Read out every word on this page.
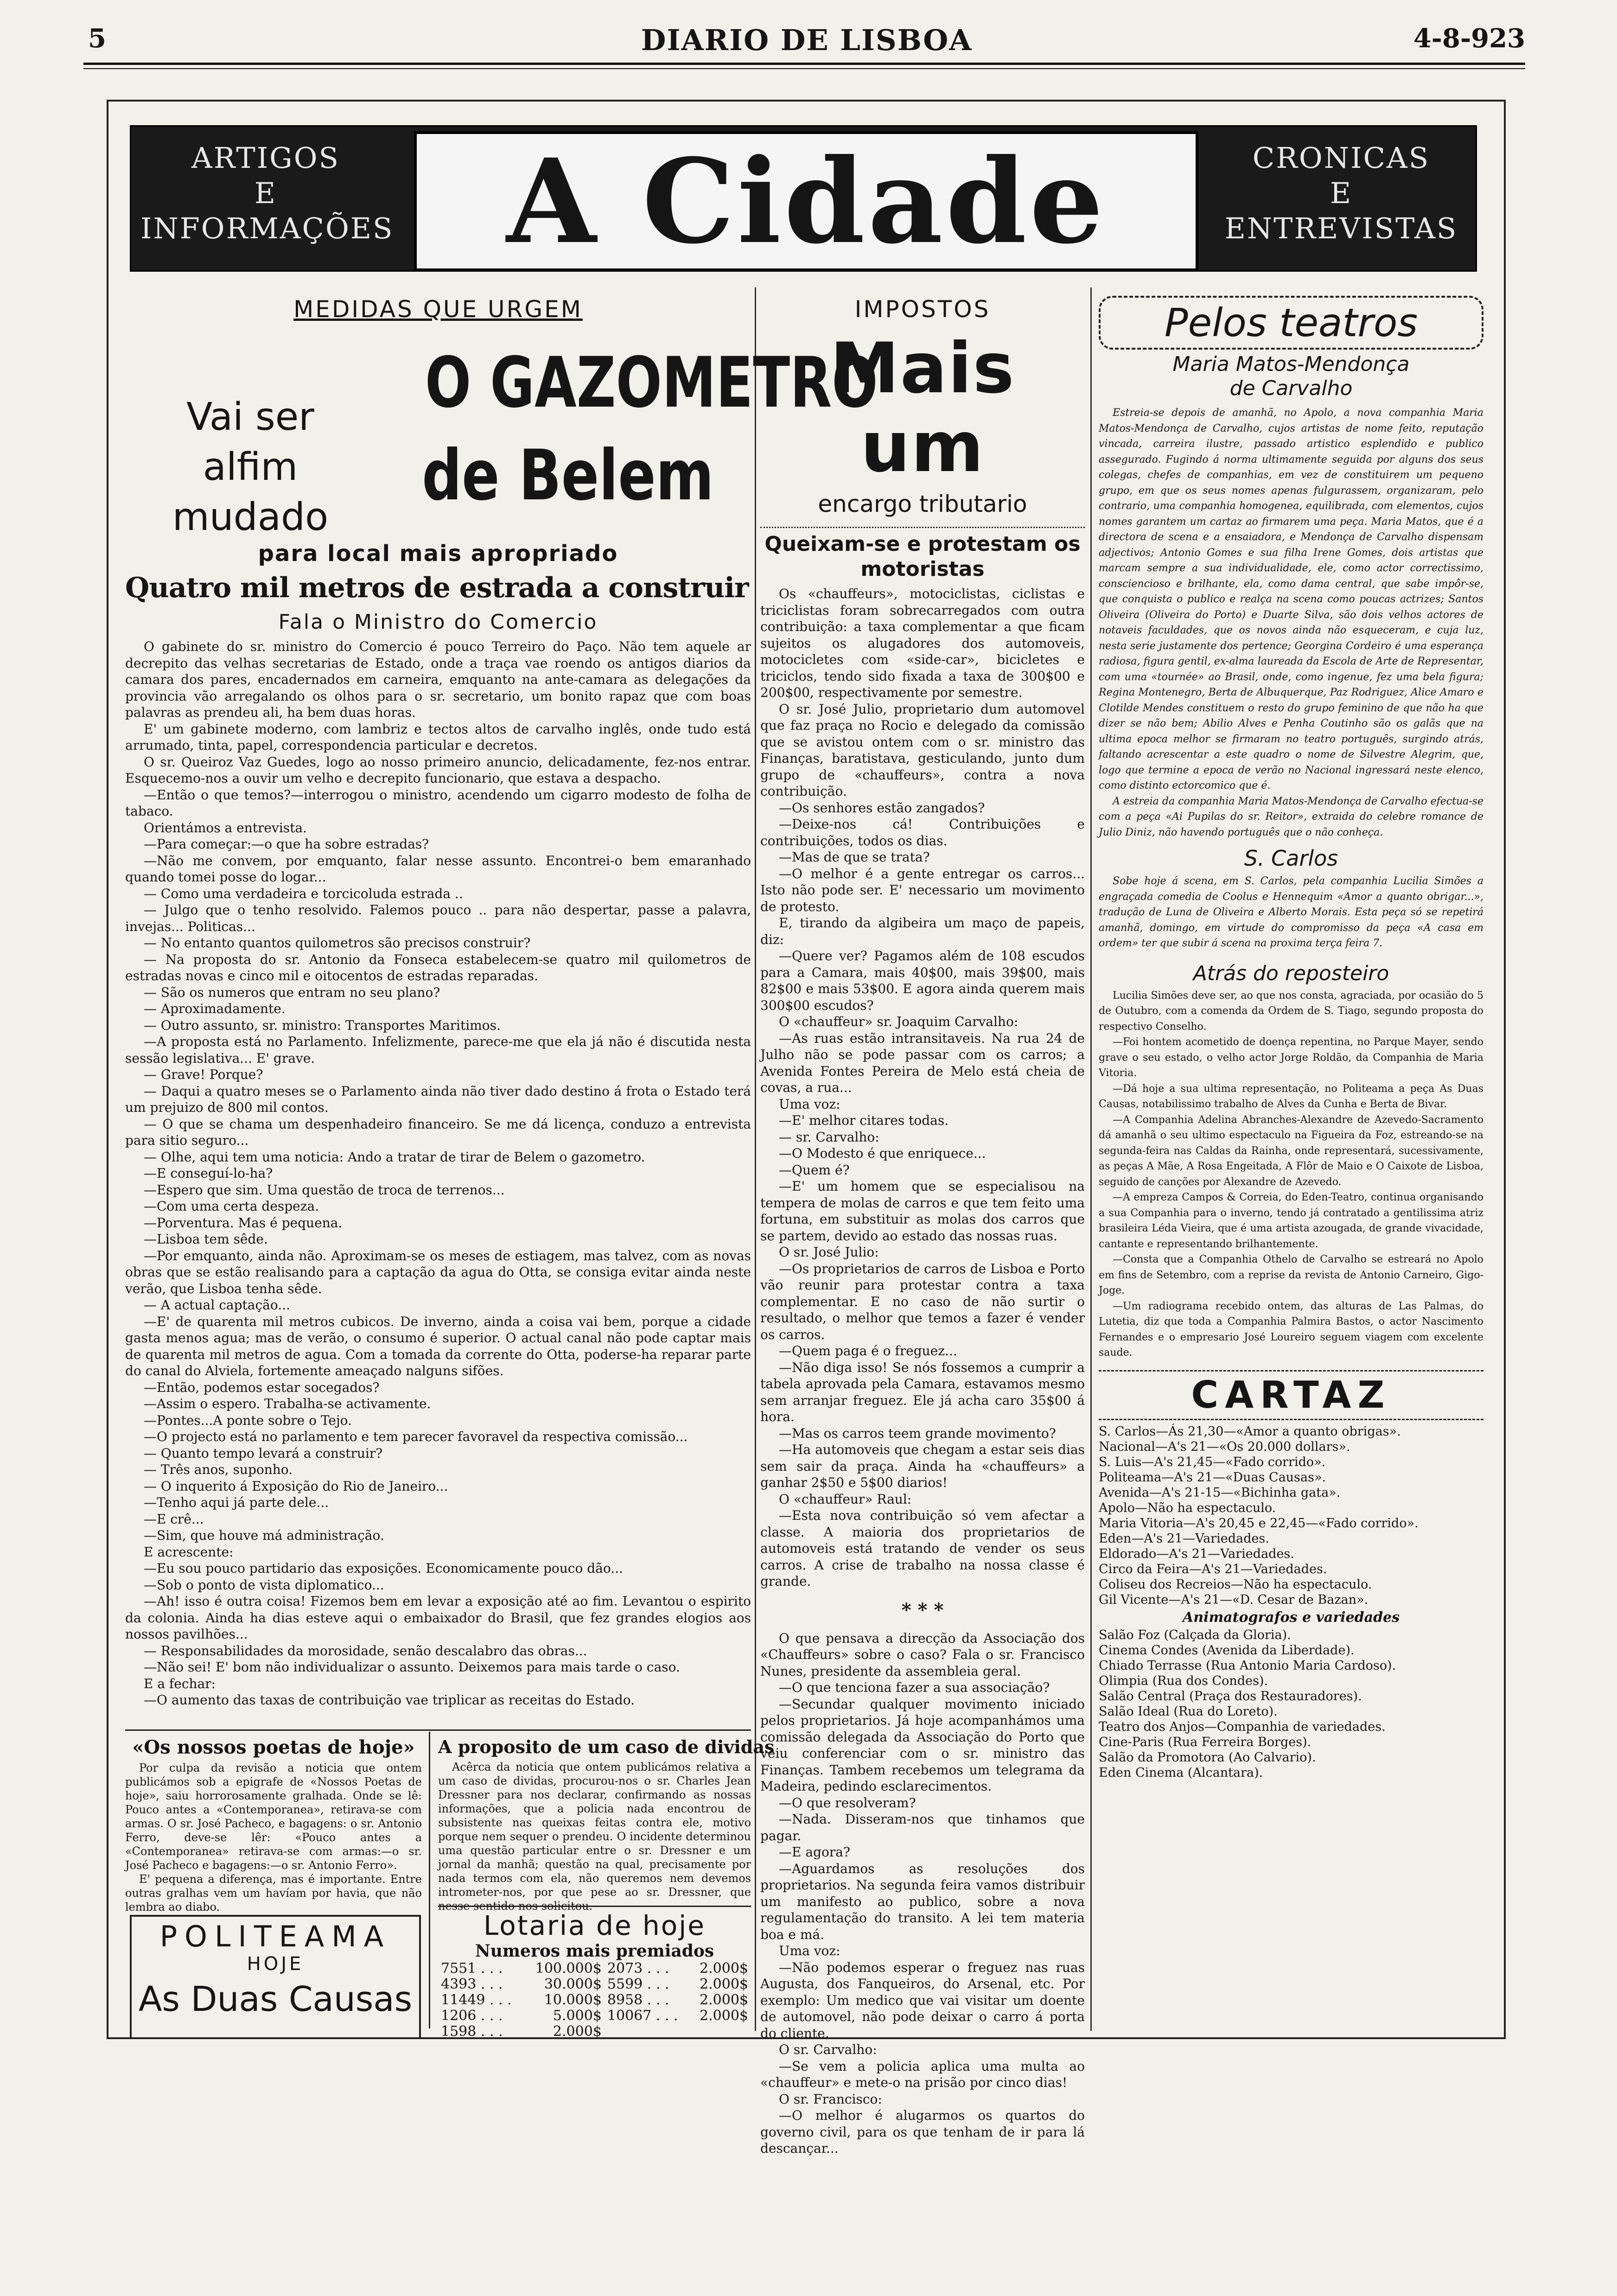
5	DIARIO DE LISBOA	4-8-923
ARTIGOS
E
INFORMAÇÕES A Cidade	CRONICAS
E
ENTREVISTAS

MEDIDAS QUE URGEM

Vai ser
alfim mudado
O GAZOMETRO
de Belem
para local mais apropriado
Quatro mil metros de estrada a construir
Fala o Ministro do Comercio

O gabinete do sr. ministro do Comercio é pouco Terreiro do Paço. Não tem aquele ar decrepito das velhas secretarias de Estado, onde a traça vae roendo os antigos diarios da camara dos pares, encadernados em carneira, emquanto na ante-camara as delegações da provincia vão arregalando os olhos para o sr. secretario, um bonito rapaz que com boas palavras as prendeu ali, ha bem duas horas.

E' um gabinete moderno, com lambriz e tectos altos de carvalho inglês, onde tudo está arrumado, tinta, papel, correspondencia particular e decretos.

O sr. Queiroz Vaz Guedes, logo ao nosso primeiro anuncio, delicadamente, fez-nos entrar. Esquecemo-nos a ouvir um velho e decrepito funcionario, que estava a despacho.

—Então o que temos?—interrogou o ministro, acendendo um cigarro modesto de folha de tabaco.

Orientámos a entrevista.

—Para começar:—o que ha sobre estradas?

—Não me convem, por emquanto, falar nesse assunto. Encontrei-o bem emaranhado quando tomei posse do logar...

— Como uma verdadeira e torcicoluda estrada ..

— Julgo que o tenho resolvido. Falemos pouco .. para não despertar, passe a palavra, invejas... Politicas...

— No entanto quantos quilometros são precisos construir?

— Na proposta do sr. Antonio da Fonseca estabelecem-se quatro mil quilometros de estradas novas e cinco mil e oitocentos de estradas reparadas.

— São os numeros que entram no seu plano?

— Aproximadamente.

— Outro assunto, sr. ministro: Transportes Maritimos.

—A proposta está no Parlamento. Infelizmente, parece-me que ela já não é discutida nesta sessão legislativa... E' grave.

— Grave! Porque?

— Daqui a quatro meses se o Parlamento ainda não tiver dado destino á frota o Estado terá um prejuizo de 800 mil contos.

— O que se chama um despenhadeiro financeiro. Se me dá licença, conduzo a entrevista para sitio seguro...

— Olhe, aqui tem uma noticia: Ando a tratar de tirar de Belem o gazometro.

—E conseguí-lo-ha?

—Espero que sim. Uma questão de troca de terrenos...

—Com uma certa despeza.

—Porventura. Mas é pequena.

—Lisboa tem sêde.

—Por emquanto, ainda não. Aproximam-se os meses de estiagem, mas talvez, com as novas obras que se estão realisando para a captação da agua do Otta, se consiga evitar ainda neste verão, que Lisboa tenha sêde.

— A actual captação...

—E' de quarenta mil metros cubicos. De inverno, ainda a coisa vai bem, porque a cidade gasta menos agua; mas de verão, o consumo é superior. O actual canal não pode captar mais de quarenta mil metros de agua. Com a tomada da corrente do Otta, poderse-ha reparar parte do canal do Alviela, fortemente ameaçado nalguns sifões.

—Então, podemos estar socegados?

—Assim o espero. Trabalha-se activamente.

—Pontes...A ponte sobre o Tejo.

—O projecto está no parlamento e tem parecer favoravel da respectiva comissão...

— Quanto tempo levará a construir?

— Três anos, suponho.

— O inquerito á Exposição do Rio de Janeiro...

—Tenho aqui já parte dele...

—E crê...

—Sim, que houve má administração.

E acrescente:

—Eu sou pouco partidario das exposições. Economicamente pouco dão...

—Sob o ponto de vista diplomatico...

—Ah! isso é outra coisa! Fizemos bem em levar a exposição até ao fim. Levantou o espirito da colonia. Ainda ha dias esteve aqui o embaixador do Brasil, que fez grandes elogios aos nossos pavilhões...

— Responsabilidades da morosidade, senão descalabro das obras...

—Não sei! E' bom não individualizar o assunto. Deixemos para mais tarde o caso.

E a fechar:

—O aumento das taxas de contribuição vae triplicar as receitas do Estado.

«Os nossos poetas de hoje»

Por culpa da revisão a noticia que ontem publicámos sob a epigrafe de «Nossos Poetas de hoje», saiu horrorosamente gralhada. Onde se lê: Pouco antes a «Contemporanea», retirava-se com armas. O sr. José Pacheco, e bagagens: o sr. Antonio Ferro, deve-se lêr: «Pouco antes a «Contemporanea» retirava-se com armas:—o sr. José Pacheco e bagagens:—o sr. Antonio Ferro».

E' pequena a diferença, mas é importante. Entre outras gralhas vem um havíam por havia, que não lembra ao diabo.

A proposito de um caso de dividas

Acêrca da noticia que ontem publicámos relativa a um caso de dividas, procurou-nos o sr. Charles Jean Dressner para nos declarar, confirmando as nossas informações, que a policia nada encontrou de subsistente nas queixas feitas contra ele, motivo porque nem sequer o prendeu. O incidente determinou uma questão particular entre o sr. Dressner e um jornal da manhã; questão na qual, precisamente por nada termos com ela, não queremos nem devemos intrometer-nos, por que pese ao sr. Dressner, que nesse sentido nos solicitou.

POLITEAMA
HOJE
As Duas Causas
Lotaria de hoje
Numeros mais premiados
7551 . . .	100.000$	2073 . . .	2.000$
4393 . . .	30.000$	5599 . . .	2.000$
11449 . . .	10.000$	8958 . . .	2.000$
1206 . . .	5.000$	10067 . . .	2.000$
1598 . . .	2.000$		

IMPOSTOS

Mais um
encargo tributario
Queixam-se e protestam os motoristas

Os «chauffeurs», motociclistas, ciclistas e triciclistas foram sobrecarregados com outra contribuição: a taxa complementar a que ficam sujeitos os alugadores dos automoveis, motocicletes com «side-car», bicicletes e triciclos, tendo sido fixada a taxa de 300$00 e 200$00, respectivamente por semestre.

O sr. José Julio, proprietario dum automovel que faz praça no Rocio e delegado da comissão que se avistou ontem com o sr. ministro das Finanças, baratistava, gesticulando, junto dum grupo de «chauffeurs», contra a nova contribuição.

—Os senhores estão zangados?

—Deixe-nos cá! Contribuições e contribuições, todos os dias.

—Mas de que se trata?

—O melhor é a gente entregar os carros... Isto não pode ser. E' necessario um movimento de protesto.

E, tirando da algibeira um maço de papeis, diz:

—Quere ver? Pagamos além de 108 escudos para a Camara, mais 40$00, mais 39$00, mais 82$00 e mais 53$00. E agora ainda querem mais 300$00 escudos?

O «chauffeur» sr. Joaquim Carvalho:

—As ruas estão intransitaveis. Na rua 24 de Julho não se pode passar com os carros; a Avenida Fontes Pereira de Melo está cheia de covas, a rua...

Uma voz:

—E' melhor citares todas.

— sr. Carvalho:

—O Modesto é que enriquece...

—Quem é?

—E' um homem que se especialisou na tempera de molas de carros e que tem feito uma fortuna, em substituir as molas dos carros que se partem, devido ao estado das nossas ruas.

O sr. José Julio:

—Os proprietarios de carros de Lisboa e Porto vão reunir para protestar contra a taxa complementar. E no caso de não surtir o resultado, o melhor que temos a fazer é vender os carros.

—Quem paga é o freguez...

—Não diga isso! Se nós fossemos a cumprir a tabela aprovada pela Camara, estavamos mesmo sem arranjar freguez. Ele já acha caro 35$00 á hora.

—Mas os carros teem grande movimento?

—Ha automoveis que chegam a estar seis dias sem sair da praça. Ainda ha «chauffeurs» a ganhar 2$50 e 5$00 diarios!

O «chauffeur» Raul:

—Esta nova contribuição só vem afectar a classe. A maioria dos proprietarios de automoveis está tratando de vender os seus carros. A crise de trabalho na nossa classe é grande.

* * *

O que pensava a direcção da Associação dos «Chauffeurs» sobre o caso? Fala o sr. Francisco Nunes, presidente da assembleia geral.

—O que tenciona fazer a sua associação?

—Secundar qualquer movimento iniciado pelos proprietarios. Já hoje acompanhámos uma comissão delegada da Associação do Porto que veiu conferenciar com o sr. ministro das Finanças. Tambem recebemos um telegrama da Madeira, pedindo esclarecimentos.

—O que resolveram?

—Nada. Disseram-nos que tinhamos que pagar.

—E agora?

—Aguardamos as resoluções dos proprietarios. Na segunda feira vamos distribuir um manifesto ao publico, sobre a nova regulamentação do transito. A lei tem materia boa e má.

Uma voz:

—Não podemos esperar o freguez nas ruas Augusta, dos Fanqueiros, do Arsenal, etc. Por exemplo: Um medico que vai visitar um doente de automovel, não pode deixar o carro á porta do cliente.

O sr. Carvalho:

—Se vem a policia aplica uma multa ao «chauffeur» e mete-o na prisão por cinco dias!

O sr. Francisco:

—O melhor é alugarmos os quartos do governo civil, para os que tenham de ir para lá descançar...

Pelos teatros
Maria Matos-Mendonça
de Carvalho

Estreia-se depois de amanhã, no Apolo, a nova companhia Maria Matos-Mendonça de Carvalho, cujos artistas de nome feito, reputação vincada, carreira ilustre, passado artistico esplendido e publico assegurado. Fugindo á norma ultimamente seguida por alguns dos seus colegas, chefes de companhias, em vez de constituirem um pequeno grupo, em que os seus nomes apenas fulgurassem, organizaram, pelo contrario, uma companhia homogenea, equilibrada, com elementos, cujos nomes garantem um cartaz ao firmarem uma peça. Maria Matos, que é a directora de scena e a ensaiadora, e Mendonça de Carvalho dispensam adjectivos; Antonio Gomes e sua filha Irene Gomes, dois artistas que marcam sempre a sua individualidade, ele, como actor correctissimo, consciencioso e brilhante, ela, como dama central, que sabe impôr-se, que conquista o publico e realça na scena como poucas actrizes; Santos Oliveira (Oliveira do Porto) e Duarte Silva, são dois velhos actores de notaveis faculdades, que os novos ainda não esqueceram, e cuja luz, nesta serie justamente dos pertence; Georgina Cordeiro é uma esperança radiosa, figura gentil, ex-alma laureada da Escola de Arte de Representar, com uma «tournée» ao Brasil, onde, como ingenue, fez uma bela figura; Regina Montenegro, Berta de Albuquerque, Paz Rodriguez, Alice Amaro e Clotilde Mendes constituem o resto do grupo feminino de que não ha que dizer se não bem; Abilio Alves e Penha Coutinho são os galãs que na ultima epoca melhor se firmaram no teatro português, surgindo atrás, faltando acrescentar a este quadro o nome de Silvestre Alegrim, que, logo que termine a epoca de verão no Nacional ingressará neste elenco, como distinto ectorcomico que é.

A estreia da companhia Maria Matos-Mendonça de Carvalho efectua-se com a peça «Ai Pupilas do sr. Reitor», extraida do celebre romance de Julio Diniz, não havendo português que o não conheça.

S. Carlos

Sobe hoje á scena, em S. Carlos, pela companhia Lucilia Simões a engraçada comedia de Coolus e Hennequim «Amor a quanto obrigar...», tradução de Luna de Oliveira e Alberto Morais. Esta peça só se repetirá amanhã, domingo, em virtude do compromisso da peça «A casa em ordem» ter que subir á scena na proxima terça feira 7.

Atrás do reposteiro

Lucilia Simões deve ser, ao que nos consta, agraciada, por ocasião do 5 de Outubro, com a comenda da Ordem de S. Tiago, segundo proposta do respectivo Conselho.

—Foi hontem acometido de doença repentina, no Parque Mayer, sendo grave o seu estado, o velho actor Jorge Roldão, da Companhia de Maria Vitoria.

—Dá hoje a sua ultima representação, no Politeama a peça As Duas Causas, notabilissimo trabalho de Alves da Cunha e Berta de Bivar.

—A Companhia Adelina Abranches-Alexandre de Azevedo-Sacramento dá amanhã o seu ultimo espectaculo na Figueira da Foz, estreando-se na segunda-feira nas Caldas da Rainha, onde representará, sucessivamente, as peças A Mãe, A Rosa Engeitada, A Flôr de Maio e O Caixote de Lisboa, seguido de canções por Alexandre de Azevedo.

—A empreza Campos & Correia, do Eden-Teatro, continua organisando a sua Companhia para o inverno, tendo já contratado a gentilissima atriz brasileira Léda Vieira, que é uma artista azougada, de grande vivacidade, cantante e representando brilhantemente.

—Consta que a Companhia Othelo de Carvalho se estreará no Apolo em fins de Setembro, com a reprise da revista de Antonio Carneiro, Gigo-Joge.

—Um radiograma recebido ontem, das alturas de Las Palmas, do Lutetia, diz que toda a Companhia Palmira Bastos, o actor Nascimento Fernandes e o empresario José Loureiro seguem viagem com excelente saude.

CARTAZ
S. Carlos—Ás 21,30—«Amor a quanto obrigas».
Nacional—A's 21—«Os 20.000 dollars».
S. Luis—A's 21,45—«Fado corrido».
Politeama—A's 21—«Duas Causas».
Avenida—A's 21-15—«Bichinha gata».
Apolo—Não ha espectaculo.
Maria Vitoria—A's 20,45 e 22,45—«Fado corrido».
Eden—A's 21—Variedades.
Eldorado—A's 21—Variedades.
Circo da Feira—A's 21—Variedades.
Coliseu dos Recreios—Não ha espectaculo.
Gil Vicente—A's 21—«D. Cesar de Bazan».
Animatografos e variedades
Salão Foz (Calçada da Gloria).
Cinema Condes (Avenida da Liberdade).
Chiado Terrasse (Rua Antonio Maria Cardoso).
Olimpia (Rua dos Condes).
Salão Central (Praça dos Restauradores).
Salão Ideal (Rua do Loreto).
Teatro dos Anjos—Companhia de variedades.
Cine-Paris (Rua Ferreira Borges).
Salão da Promotora (Ao Calvario).
Eden Cinema (Alcantara).
